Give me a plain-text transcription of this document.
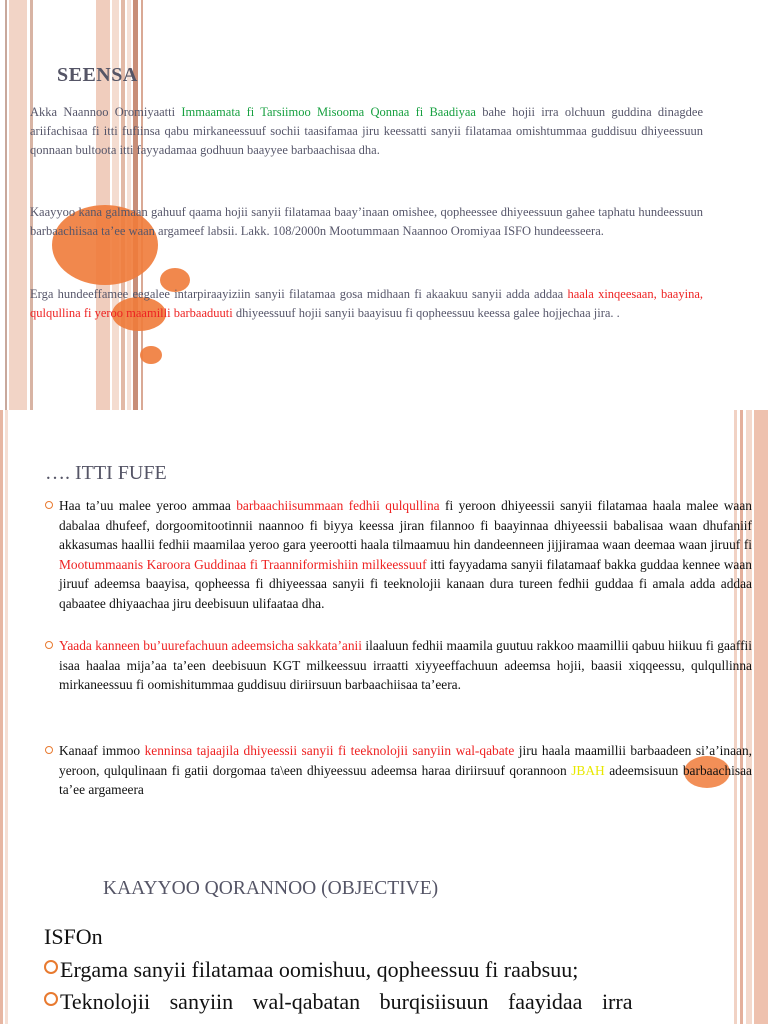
SEENSA
Akka Naannoo Oromiyaatti Immaamata fi Tarsiimoo Misooma Qonnaa fi Baadiyaa bahe hojii irra olchuun guddina dinagdee ariifachisaa fi itti fufiinsa qabu mirkaneessuuf sochii taasifamaa jiru keessatti sanyii filatamaa omishtummaa guddisuu dhiyeessuun qonnaan bultoota itti fayyadamaa godhuun baayyee barbaachisaa dha.
Kaayyoo kana galmaan gahuuf qaama hojii sanyii filatamaa baay’inaan omishee, qopheessee dhiyeessuun gahee taphatu hundeessuun barbaachiisaa ta’ee waan argameef labsii. Lakk. 108/2000n Mootummaan Naannoo Oromiyaa ISFO hundeesseera.
Erga hundeeffamee eegalee intarpiraayiziin sanyii filatamaa gosa midhaan fi akaakuu sanyii adda addaa haala xinqeesaan, baayina, qulqullina fi yeroo maamilli barbaaduuti dhiyeessuuf hojii sanyii baayisuu fi qopheessuu keessa galee hojjechaa jira. .
…. ITTI FUFE
Haa ta’uu malee yeroo ammaa barbaachiisummaan fedhii qulqullina fi yeroon dhiyeessii sanyii filatamaa haala malee waan dabalaa dhufeef, dorgoomitootinnii naannoo fi biyya keessa jiran filannoo fi baayinnaa dhiyeessii babalisaa waan dhufaniif akkasumas haallii fedhii maamilaa yeroo gara yeerootti haala tilmaamuu hin dandeenneen jijjiramaa waan deemaa waan jiruuf fi Mootummaanis Karoora Guddinaa fi Traanniformishiin milkeessuuf itti fayyadama sanyii filatamaaf bakka guddaa kennee waan jiruuf adeemsa baayisa, qopheessa fi dhiyeessaa sanyii fi teeknolojii kanaan dura tureen fedhii guddaa fi amala adda addaa qabaatee dhiyaachaa jiru deebisuun ulifaataa dha.
Yaada kanneen bu’uurefachuun adeemsicha sakkata’anii ilaaluun fedhii maamila guutuu rakkoo maamillii qabuu hiikuu fi gaaffii isaa haalaa mija’aa ta’een deebisuun KGT milkeessuu irraatti xiyyeeffachuun adeemsa hojii, baasii xiqqeessu, qulqullinna mirkaneessuu fi oomishitummaa guddisuu diriirsuun barbaachiisaa ta’eera.
Kanaaf immoo kenninsa tajaajila dhiyeessii sanyii fi teeknolojii sanyiin wal-qabate jiru haala maamillii barbaadeen si’a’inaan, yeroon, qulqulinaan fi gatii dorgomaa ta\een dhiyeessuu adeemsa haraa diriirsuuf qorannoon JBAH adeemsisuun barbaachisaa ta’ee argameera
KAAYYOO QORANNOO (OBJECTIVE)
ISFOn
Ergama sanyii filatamaa oomishuu, qopheessuu fi raabsuu;
Teknolojii sanyiin wal-qabatan burqisiisuun faayidaa irra
